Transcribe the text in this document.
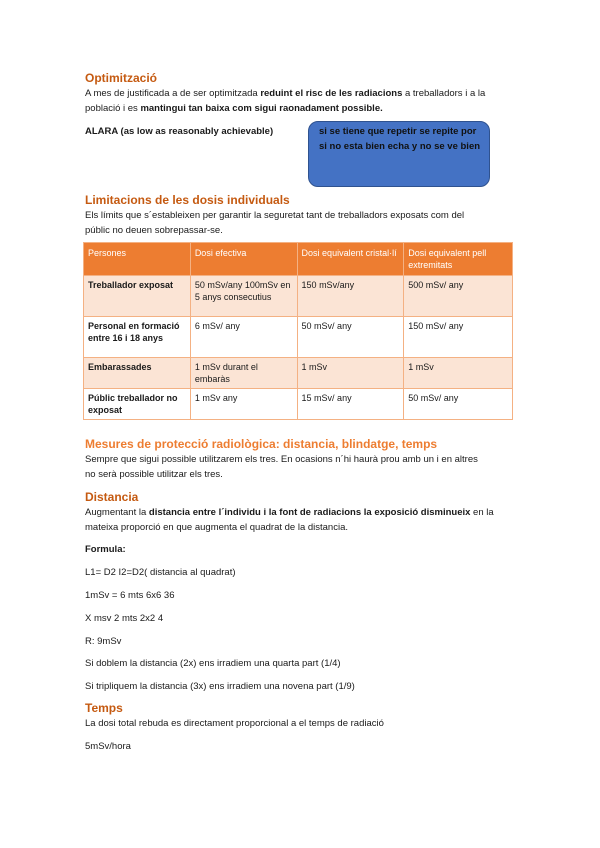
Optimització
A mes de justificada a de ser optimitzada reduint el risc de les radiacions a treballadors i a la
població i es mantingui tan baixa com sigui raonadament possible.
ALARA (as low as reasonably achievable)	si se tiene que repetir se repite por si no esta bien echa y no se ve bien
Limitacions de les dosis individuals
Els límits que s´estableixen per garantir la seguretat tant de treballadors exposats com del
públic no deuen sobrepassar-se.
Persones	Dosi efectiva	Dosi equivalent cristal·lí	Dosi equivalent pell extremitats
Treballador exposat	50 mSv/any 100mSv en 5 anys consecutius	150 mSv/any	500 mSv/ any
Personal en formació entre 16 i 18 anys	6 mSv/ any	50 mSv/ any	150 mSv/ any
Embarassades	1 mSv durant el embaràs	1 mSv	1 mSv
Públic treballador no exposat	1 mSv any	15 mSv/ any	50 mSv/ any
Mesures de protecció radiològica: distancia, blindatge, temps
Sempre que sigui possible utilitzarem els tres. En ocasions n´hi haurà prou amb un i en altres
no serà possible utilitzar els tres.
Distancia
Augmentant la distancia entre l´individu i la font de radiacions la exposició disminueix en la
mateixa proporció en que augmenta el quadrat de la distancia.
Formula:
L1= D2 I2=D2( distancia al quadrat)
1mSv = 6 mts 6x6 36
X msv 2 mts 2x2 4
R: 9mSv
Si doblem la distancia (2x) ens irradiem una quarta part (1/4)
Si tripliquem la distancia (3x) ens irradiem una novena part (1/9)
Temps
La dosi total rebuda es directament proporcional a el temps de radiació
5mSv/hora
